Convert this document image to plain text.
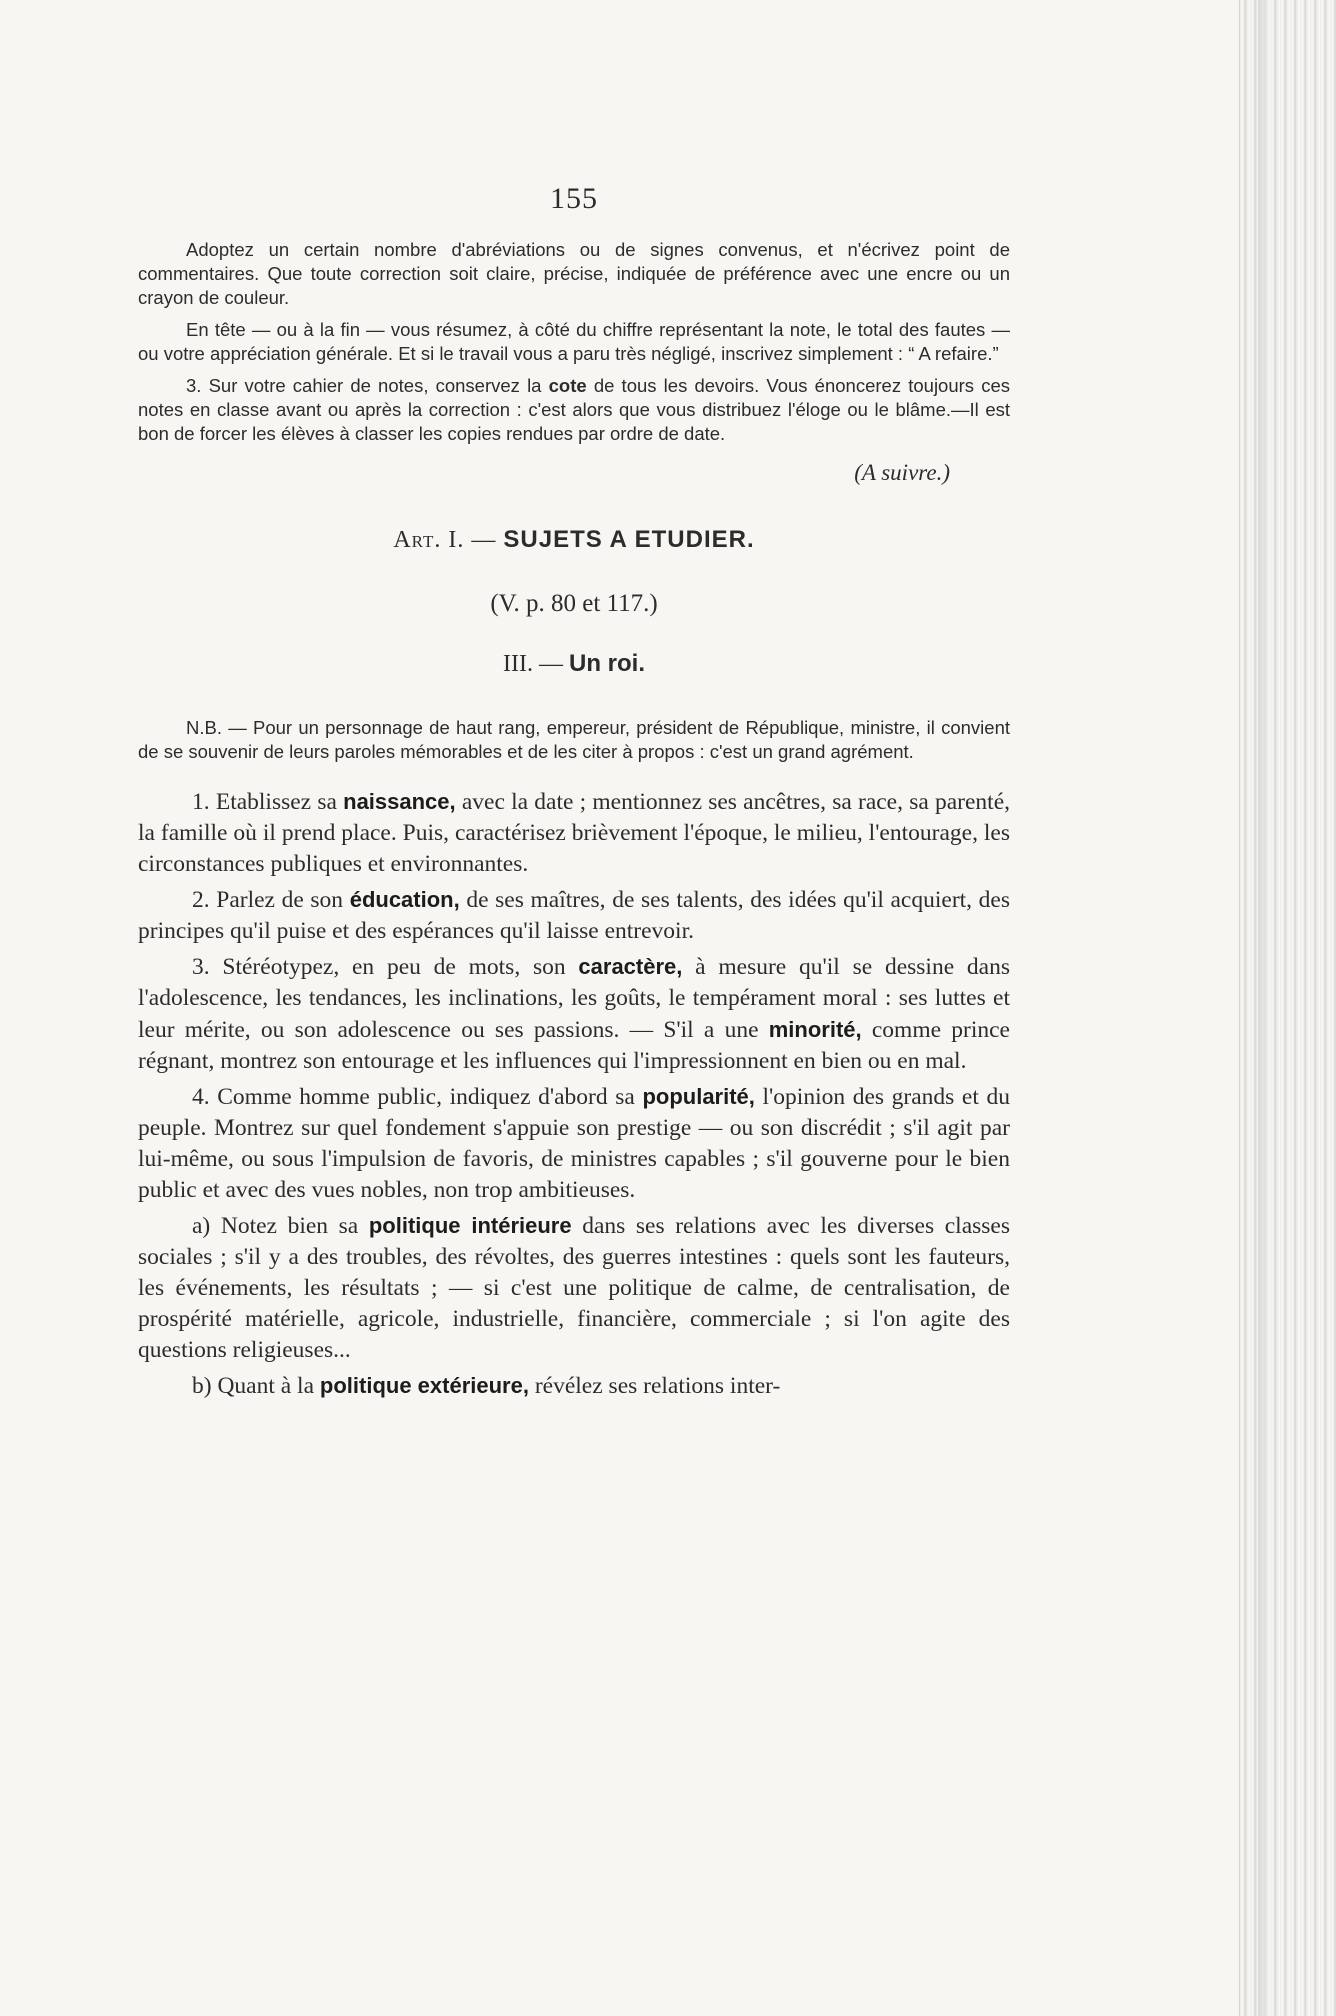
155

Adoptez un certain nombre d'abréviations ou de signes convenus, et n'écrivez point de commentaires. Que toute correction soit claire, précise, indiquée de préférence avec une encre ou un crayon de couleur.

En tête — ou à la fin — vous résumez, à côté du chiffre représentant la note, le total des fautes — ou votre appréciation générale. Et si le travail vous a paru très négligé, inscrivez simplement : “ A refaire.”

3. Sur votre cahier de notes, conservez la cote de tous les devoirs. Vous énoncerez toujours ces notes en classe avant ou après la correction : c'est alors que vous distribuez l'éloge ou le blâme.—Il est bon de forcer les élèves à classer les copies rendues par ordre de date.

(A suivre.)
Art. I. — SUJETS A ETUDIER.
(V. p. 80 et 117.)
III. — Un roi.

N.B. — Pour un personnage de haut rang, empereur, président de République, ministre, il convient de se souvenir de leurs paroles mémorables et de les citer à propos : c'est un grand agrément.

1. Etablissez sa naissance, avec la date ; mentionnez ses ancêtres, sa race, sa parenté, la famille où il prend place. Puis, caractérisez brièvement l'époque, le milieu, l'entourage, les circonstances publiques et environnantes.

2. Parlez de son éducation, de ses maîtres, de ses talents, des idées qu'il acquiert, des principes qu'il puise et des espérances qu'il laisse entrevoir.

3. Stéréotypez, en peu de mots, son caractère, à mesure qu'il se dessine dans l'adolescence, les tendances, les inclinations, les goûts, le tempérament moral : ses luttes et leur mérite, ou son adolescence ou ses passions. — S'il a une minorité, comme prince régnant, montrez son entourage et les influences qui l'impressionnent en bien ou en mal.

4. Comme homme public, indiquez d'abord sa popularité, l'opinion des grands et du peuple. Montrez sur quel fondement s'appuie son prestige — ou son discrédit ; s'il agit par lui-même, ou sous l'impulsion de favoris, de ministres capables ; s'il gouverne pour le bien public et avec des vues nobles, non trop ambitieuses.

a) Notez bien sa politique intérieure dans ses relations avec les diverses classes sociales ; s'il y a des troubles, des révoltes, des guerres intestines : quels sont les fauteurs, les événements, les résultats ; — si c'est une politique de calme, de centralisation, de prospérité matérielle, agricole, industrielle, financière, commerciale ; si l'on agite des questions religieuses...

b) Quant à la politique extérieure, révélez ses relations inter-
